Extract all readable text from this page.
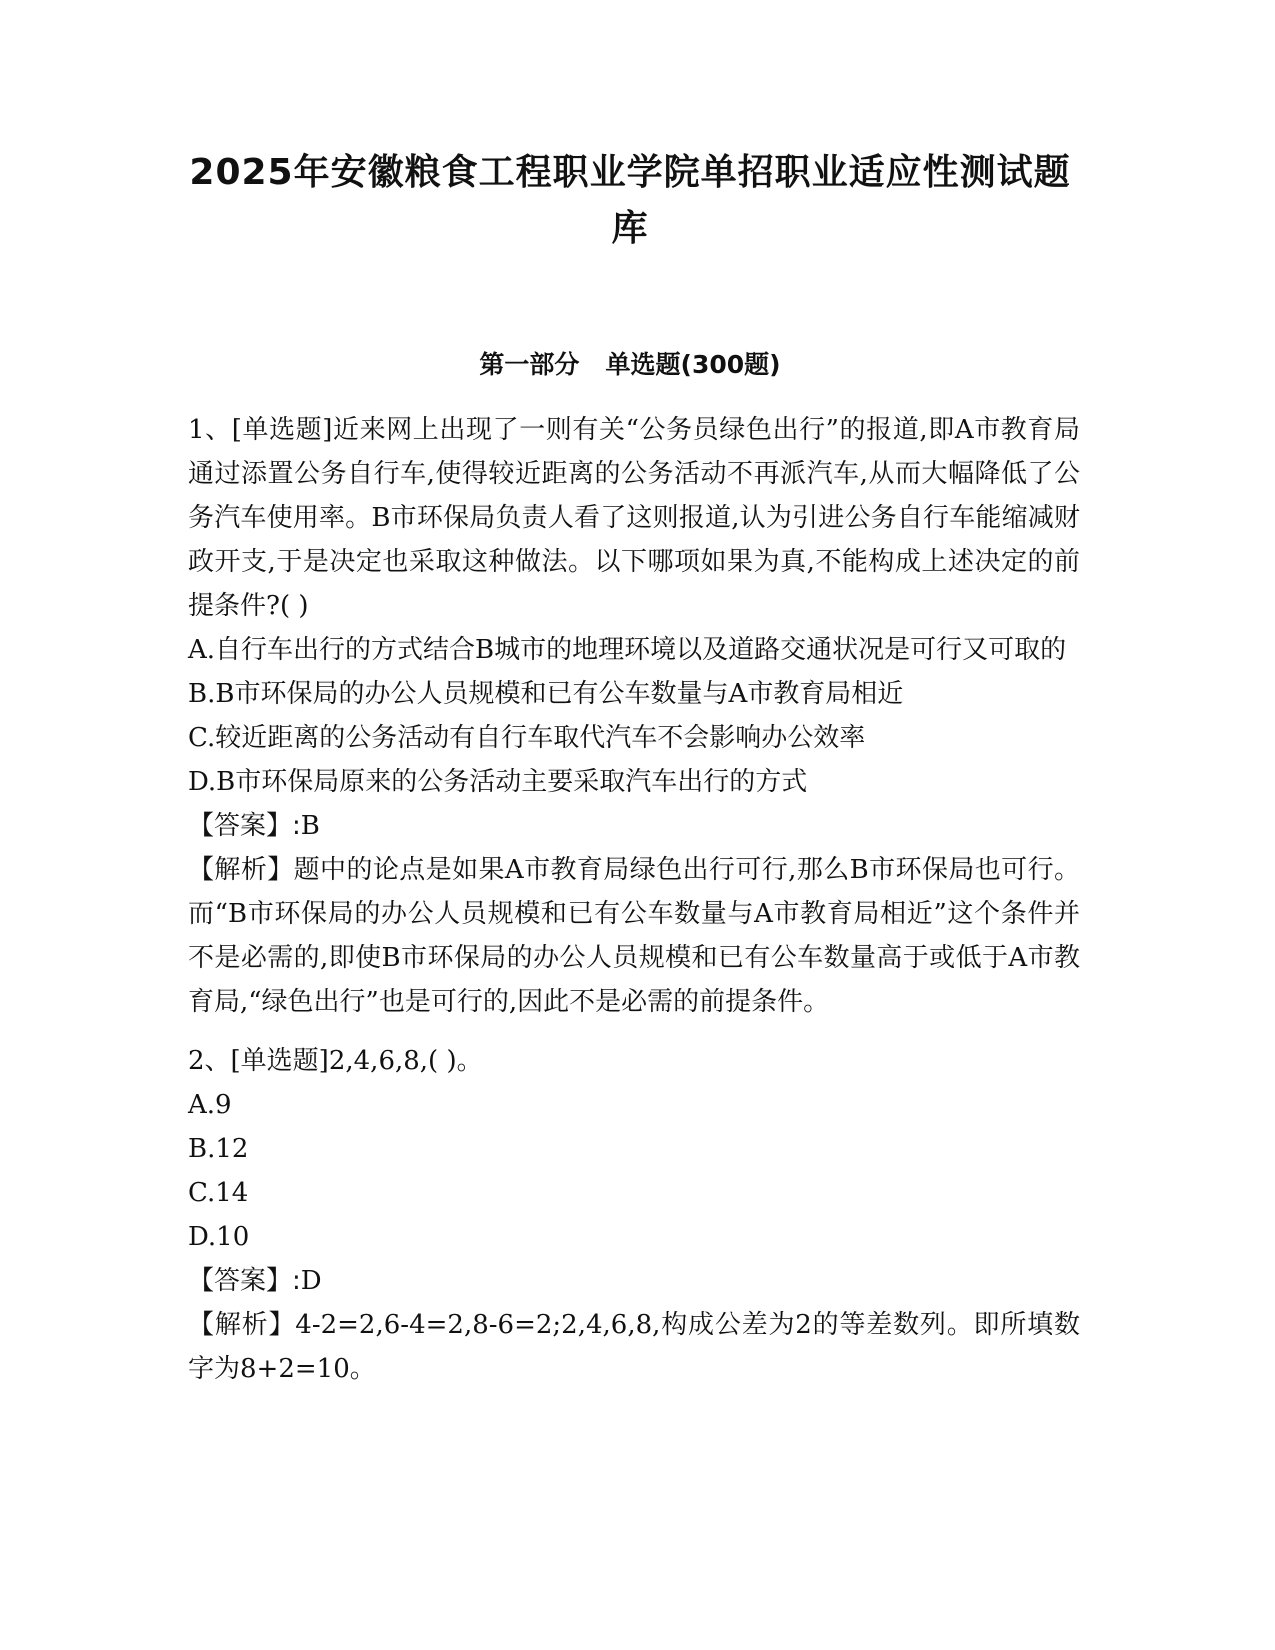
2025年安徽粮食工程职业学院单招职业适应性测试题
库
第一部分   单选题(300题)

1、[单选题]近来网上出现了一则有关“公务员绿色出行”的报道,即A市教育局通过添置公务自行车,使得较近距离的公务活动不再派汽车,从而大幅降低了公务汽车使用率。B市环保局负责人看了这则报道,认为引进公务自行车能缩减财政开支,于是决定也采取这种做法。以下哪项如果为真,不能构成上述决定的前提条件?( )

A.自行车出行的方式结合B城市的地理环境以及道路交通状况是可行又可取的

B.B市环保局的办公人员规模和已有公车数量与A市教育局相近

C.较近距离的公务活动有自行车取代汽车不会影响办公效率

D.B市环保局原来的公务活动主要采取汽车出行的方式

【答案】:B

【解析】题中的论点是如果A市教育局绿色出行可行,那么B市环保局也可行。而“B市环保局的办公人员规模和已有公车数量与A市教育局相近”这个条件并不是必需的,即使B市环保局的办公人员规模和已有公车数量高于或低于A市教育局,“绿色出行”也是可行的,因此不是必需的前提条件。

2、[单选题]2,4,6,8,( )。

A.9

B.12

C.14

D.10

【答案】:D

【解析】4-2=2,6-4=2,8-6=2;2,4,6,8,构成公差为2的等差数列。即所填数字为8+2=10。
